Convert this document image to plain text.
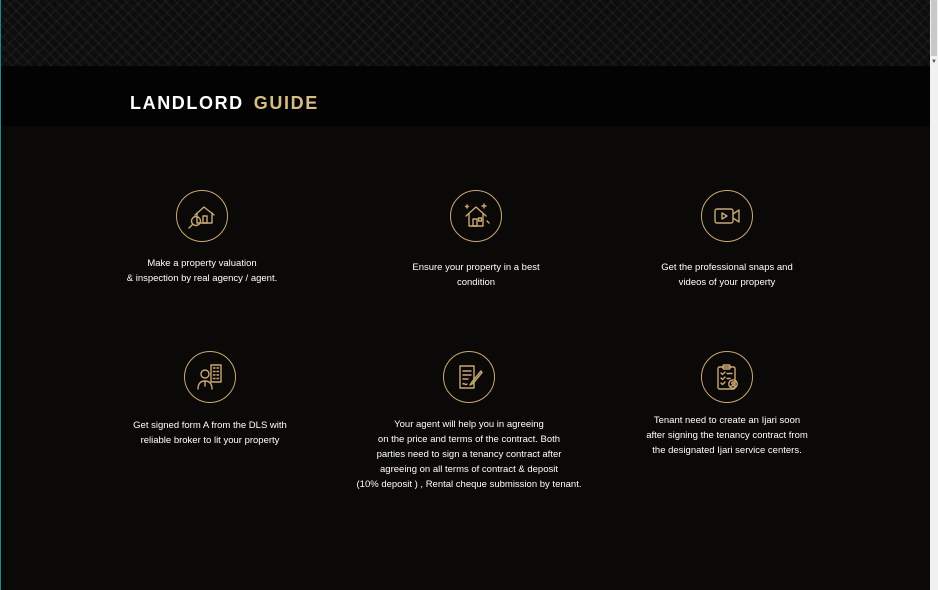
LANDLORD GUIDE
Make a property valuation
& inspection by real agency / agent.
Ensure your property in a best
condition
Get the professional snaps and
videos of your property
Get signed form A from the DLS with
reliable broker to lit your property
Your agent will help you in agreeing
on the price and terms of the contract. Both
parties need to sign a tenancy contract after
agreeing on all terms of contract & deposit
(10% deposit ) , Rental cheque submission by tenant.
Tenant need to create an Ijari soon
after signing the tenancy contract from
the designated Ijari service centers.
▼
